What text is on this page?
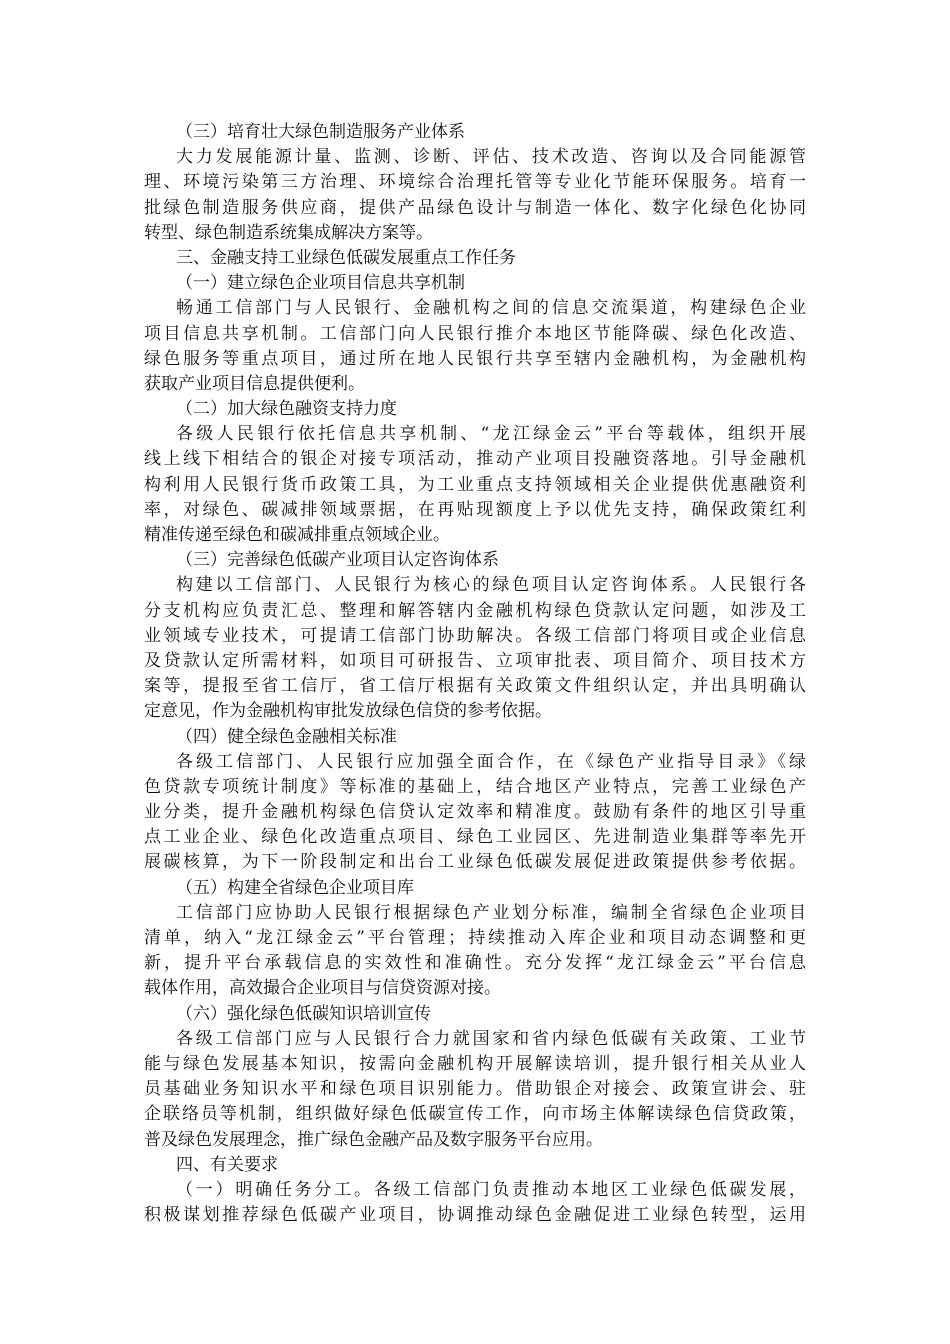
（三）培育壮大绿色制造服务产业体系
大力发展能源计量、监测、诊断、评估、技术改造、咨询以及合同能源管
理、环境污染第三方治理、环境综合治理托管等专业化节能环保服务。培育一
批绿色制造服务供应商，提供产品绿色设计与制造一体化、数字化绿色化协同
转型、绿色制造系统集成解决方案等。
三、金融支持工业绿色低碳发展重点工作任务
（一）建立绿色企业项目信息共享机制
畅通工信部门与人民银行、金融机构之间的信息交流渠道，构建绿色企业
项目信息共享机制。工信部门向人民银行推介本地区节能降碳、绿色化改造、
绿色服务等重点项目，通过所在地人民银行共享至辖内金融机构，为金融机构
获取产业项目信息提供便利。
（二）加大绿色融资支持力度
各级人民银行依托信息共享机制、“龙江绿金云”平台等载体，组织开展
线上线下相结合的银企对接专项活动，推动产业项目投融资落地。引导金融机
构利用人民银行货币政策工具，为工业重点支持领域相关企业提供优惠融资利
率，对绿色、碳减排领域票据，在再贴现额度上予以优先支持，确保政策红利
精准传递至绿色和碳减排重点领域企业。
（三）完善绿色低碳产业项目认定咨询体系
构建以工信部门、人民银行为核心的绿色项目认定咨询体系。人民银行各
分支机构应负责汇总、整理和解答辖内金融机构绿色贷款认定问题，如涉及工
业领域专业技术，可提请工信部门协助解决。各级工信部门将项目或企业信息
及贷款认定所需材料，如项目可研报告、立项审批表、项目简介、项目技术方
案等，提报至省工信厅，省工信厅根据有关政策文件组织认定，并出具明确认
定意见，作为金融机构审批发放绿色信贷的参考依据。
（四）健全绿色金融相关标准
各级工信部门、人民银行应加强全面合作，在《绿色产业指导目录》《绿
色贷款专项统计制度》等标准的基础上，结合地区产业特点，完善工业绿色产
业分类，提升金融机构绿色信贷认定效率和精准度。鼓励有条件的地区引导重
点工业企业、绿色化改造重点项目、绿色工业园区、先进制造业集群等率先开
展碳核算，为下一阶段制定和出台工业绿色低碳发展促进政策提供参考依据。
（五）构建全省绿色企业项目库
工信部门应协助人民银行根据绿色产业划分标准，编制全省绿色企业项目
清单，纳入“龙江绿金云”平台管理；持续推动入库企业和项目动态调整和更
新，提升平台承载信息的实效性和准确性。充分发挥“龙江绿金云”平台信息
载体作用，高效撮合企业项目与信贷资源对接。
（六）强化绿色低碳知识培训宣传
各级工信部门应与人民银行合力就国家和省内绿色低碳有关政策、工业节
能与绿色发展基本知识，按需向金融机构开展解读培训，提升银行相关从业人
员基础业务知识水平和绿色项目识别能力。借助银企对接会、政策宣讲会、驻
企联络员等机制，组织做好绿色低碳宣传工作，向市场主体解读绿色信贷政策，
普及绿色发展理念，推广绿色金融产品及数字服务平台应用。
四、有关要求
（一）明确任务分工。各级工信部门负责推动本地区工业绿色低碳发展，
积极谋划推荐绿色低碳产业项目，协调推动绿色金融促进工业绿色转型，运用
